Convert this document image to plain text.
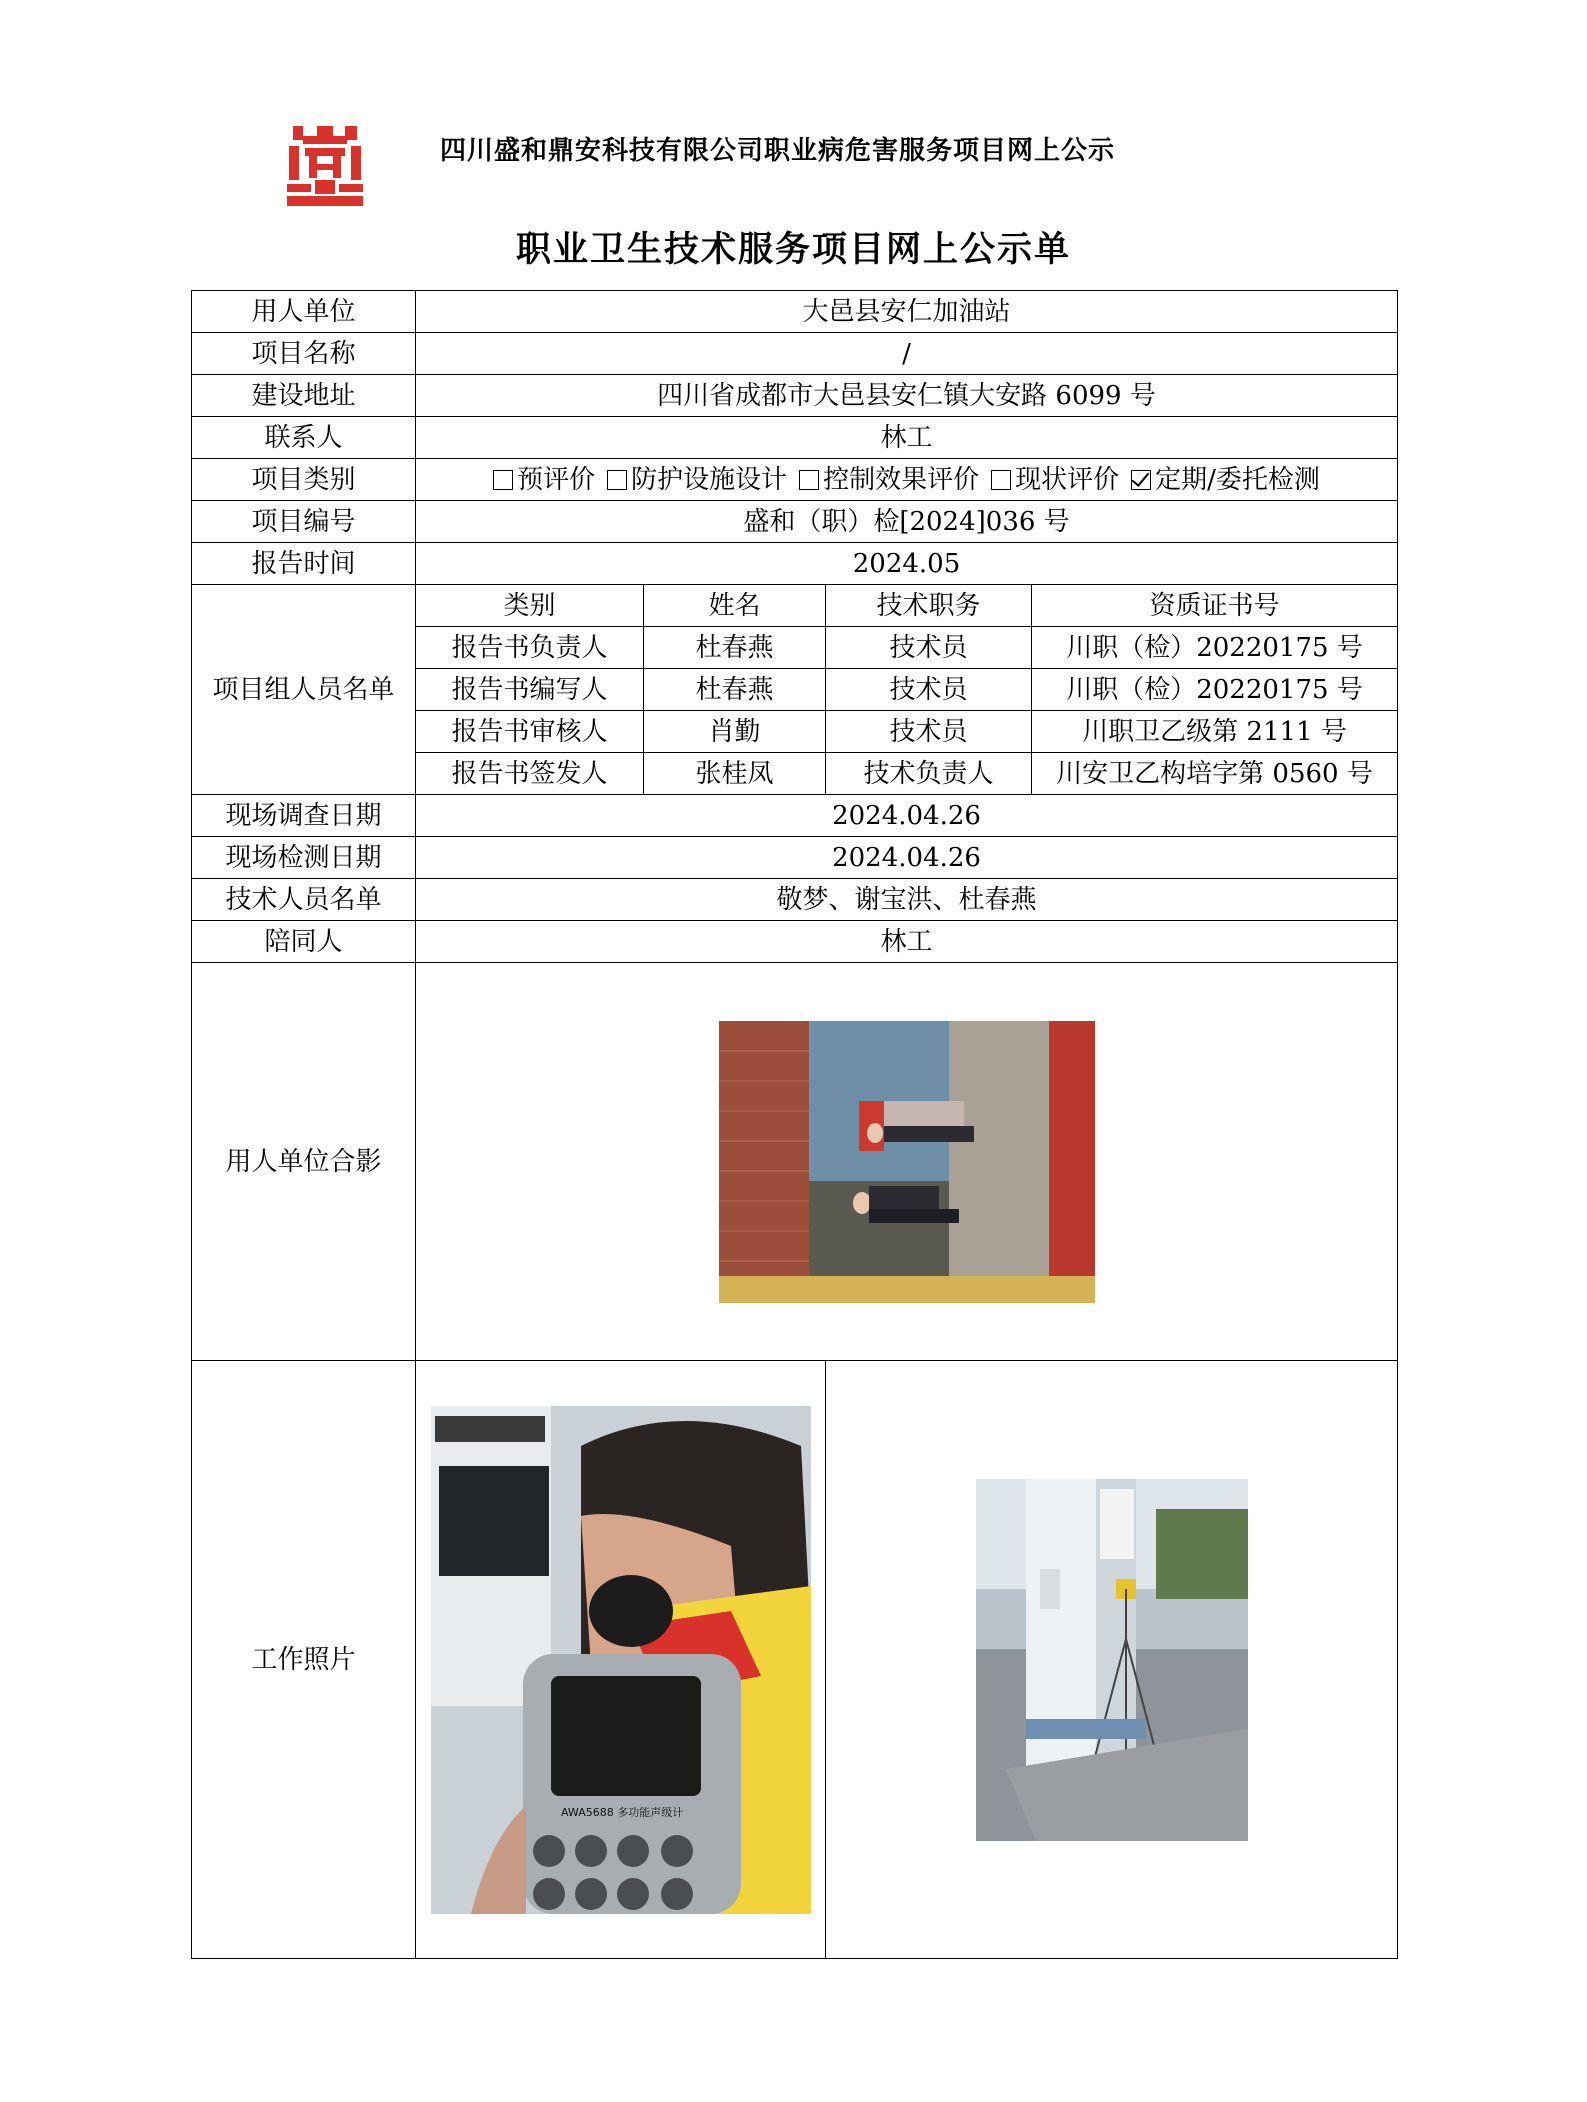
四川盛和鼎安科技有限公司职业病危害服务项目网上公示
职业卫生技术服务项目网上公示单
用人单位	大邑县安仁加油站			
项目名称	/			
建设地址	四川省成都市大邑县安仁镇大安路 6099 号			
联系人	林工			
项目类别	预评价 防护设施设计 控制效果评价 现状评价 定期/委托检测			
项目编号	盛和（职）检[2024]036 号			
报告时间	2024.05			
项目组人员名单	类别	姓名	技术职务	资质证书号
	报告书负责人	杜春燕	技术员	川职（检）20220175 号
	报告书编写人	杜春燕	技术员	川职（检）20220175 号
	报告书审核人	肖勤	技术员	川职卫乙级第 2111 号
	报告书签发人	张桂凤	技术负责人	川安卫乙构培字第 0560 号
现场调查日期	2024.04.26			
现场检测日期	2024.04.26			
技术人员名单	敬梦、谢宝洪、杜春燕			
陪同人	林工			
用人单位合影	

工作照片	AWA5688 多功能声级计
